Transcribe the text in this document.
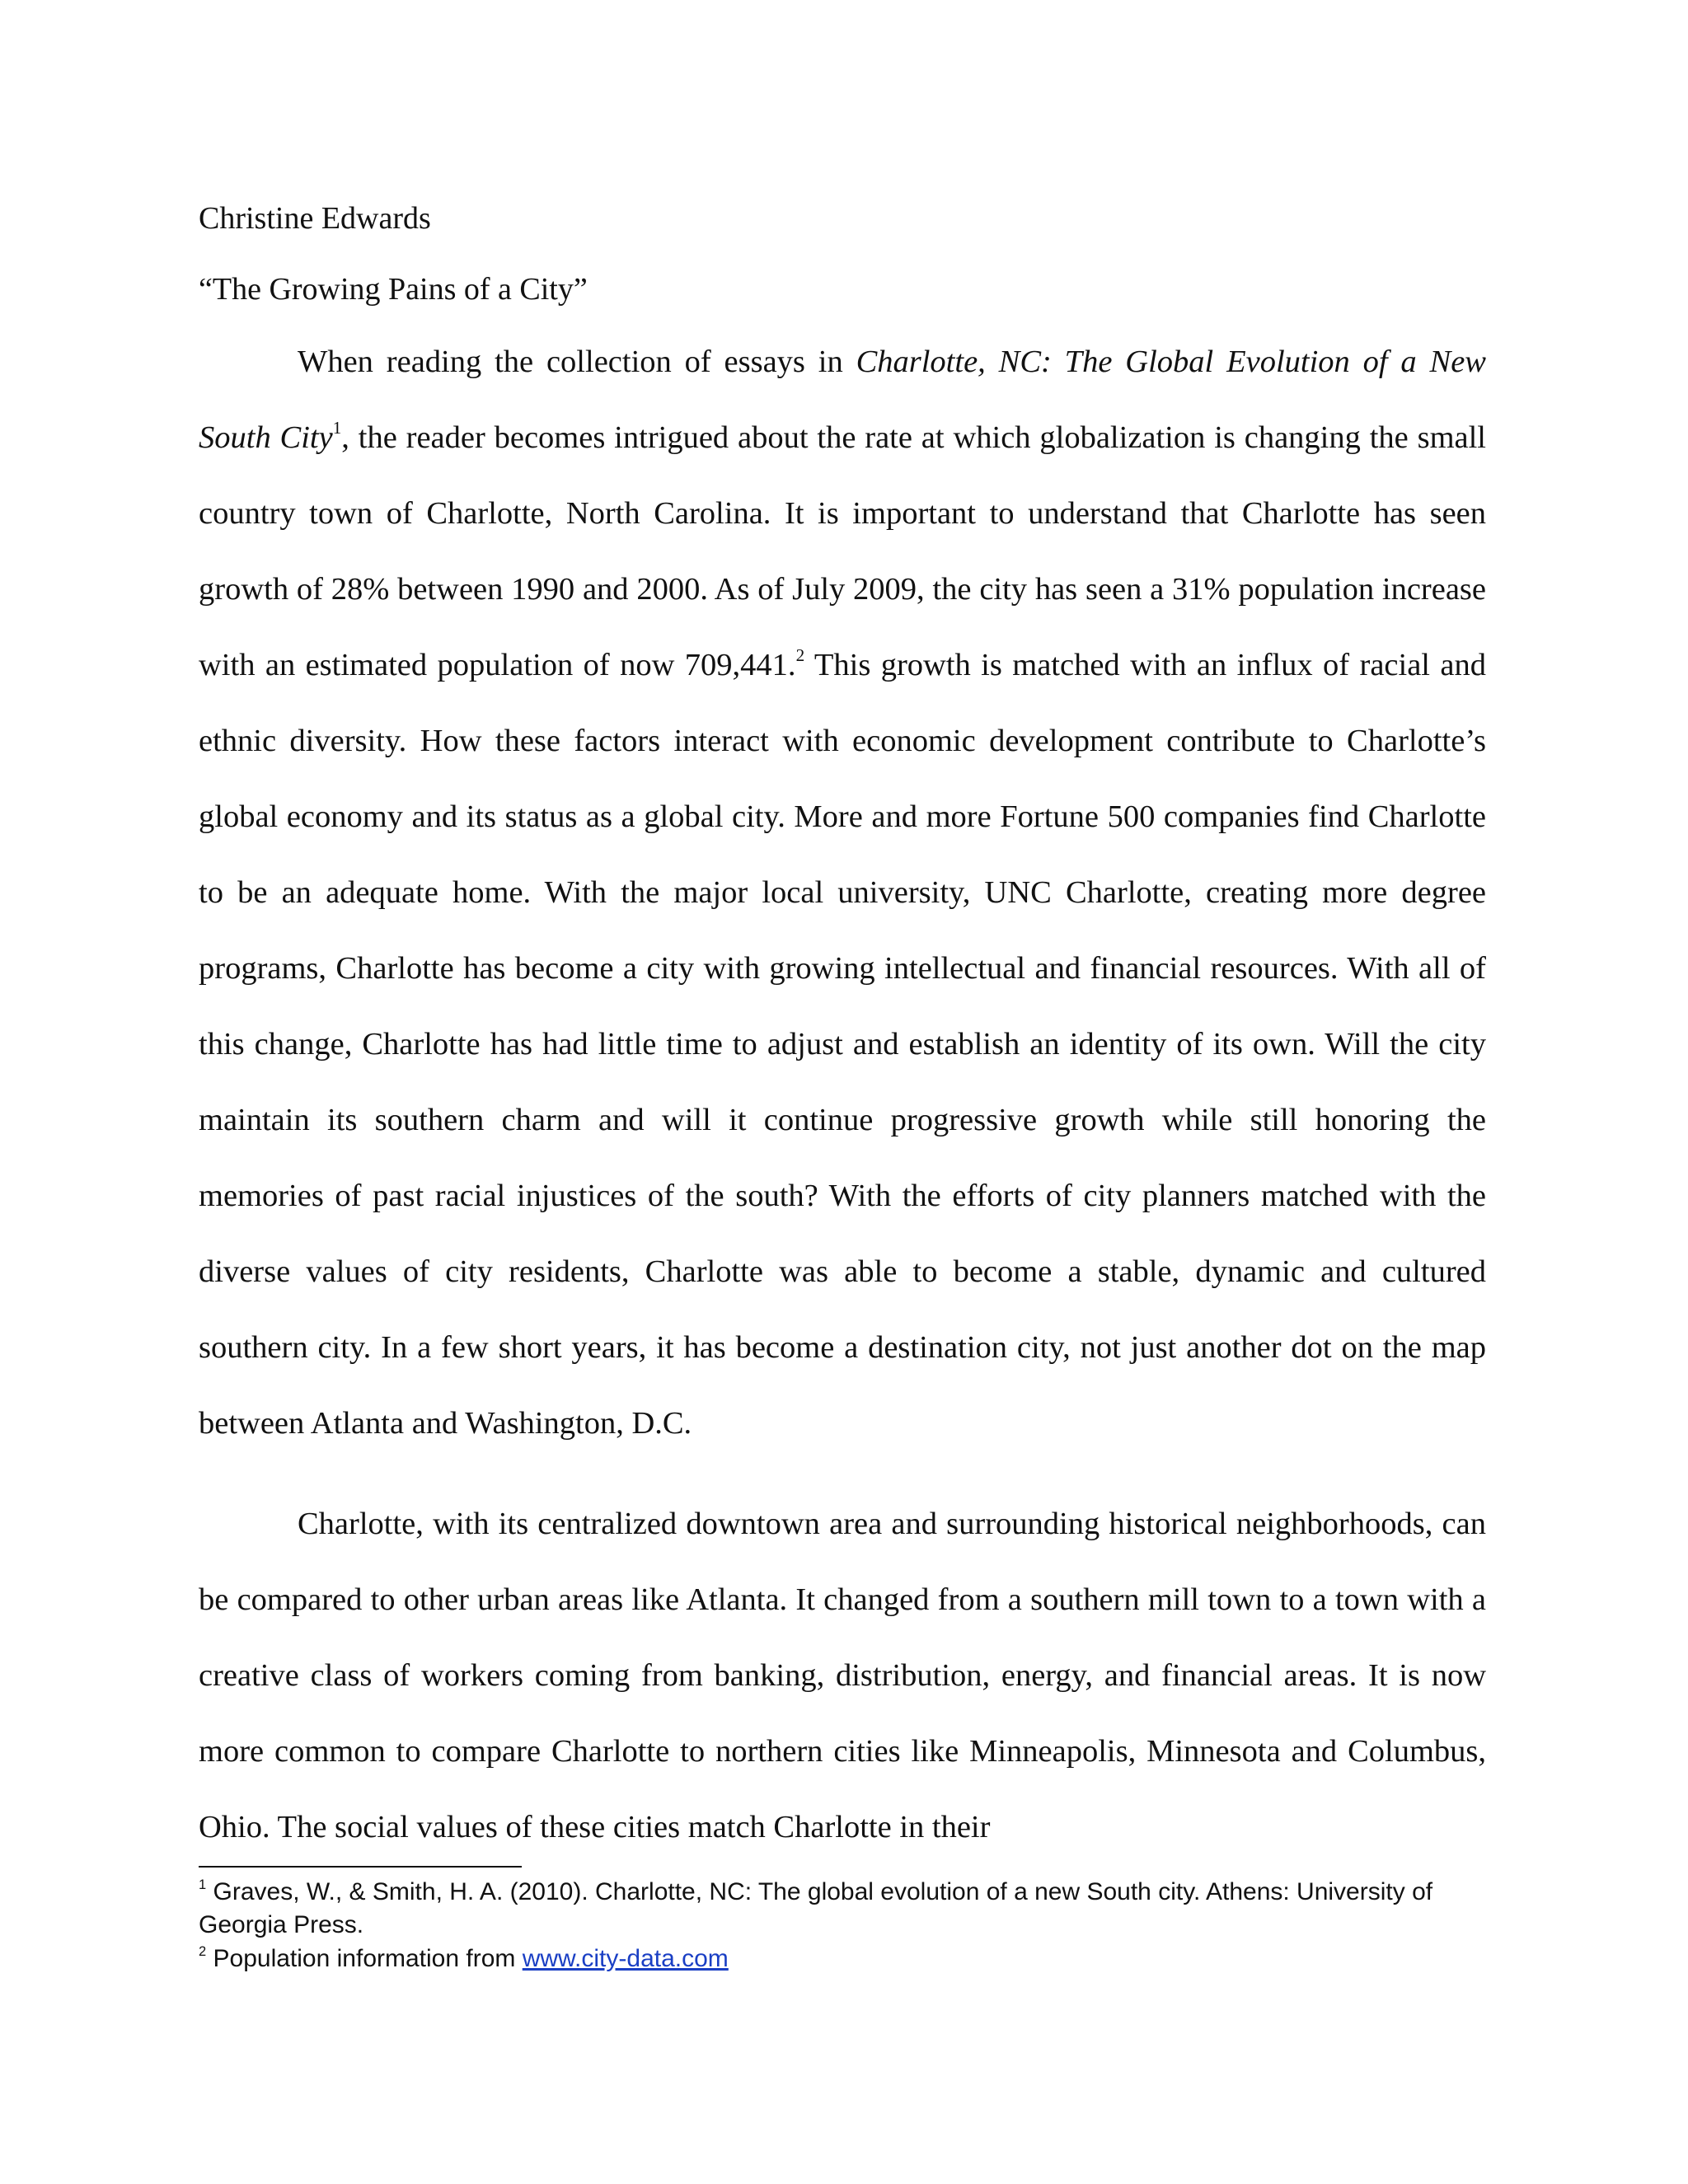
Christine Edwards
“The Growing Pains of a City”

When reading the collection of essays in Charlotte, NC: The Global Evolution of a New South City$^1$, the reader becomes intrigued about the rate at which globalization is changing the small country town of Charlotte, North Carolina. It is important to understand that Charlotte has seen growth of 28% between 1990 and 2000. As of July 2009, the city has seen a 31% population increase with an estimated population of now 709,441.$^2$ This growth is matched with an influx of racial and ethnic diversity. How these factors interact with economic development contribute to Charlotte’s global economy and its status as a global city. More and more Fortune 500 companies find Charlotte to be an adequate home. With the major local university, UNC Charlotte, creating more degree programs, Charlotte has become a city with growing intellectual and financial resources. With all of this change, Charlotte has had little time to adjust and establish an identity of its own. Will the city maintain its southern charm and will it continue progressive growth while still honoring the memories of past racial injustices of the south? With the efforts of city planners matched with the diverse values of city residents, Charlotte was able to become a stable, dynamic and cultured southern city. In a few short years, it has become a destination city, not just another dot on the map between Atlanta and Washington, D.C.

Charlotte, with its centralized downtown area and surrounding historical neighborhoods, can be compared to other urban areas like Atlanta. It changed from a southern mill town to a town with a creative class of workers coming from banking, distribution, energy, and financial areas. It is now more common to compare Charlotte to northern cities like Minneapolis, Minnesota and Columbus, Ohio. The social values of these cities match Charlotte in their

$^1$ Graves, W., & Smith, H. A. (2010). Charlotte, NC: The global evolution of a new South city. Athens: University of Georgia Press.

$^2$ Population information from www.city-data.com
